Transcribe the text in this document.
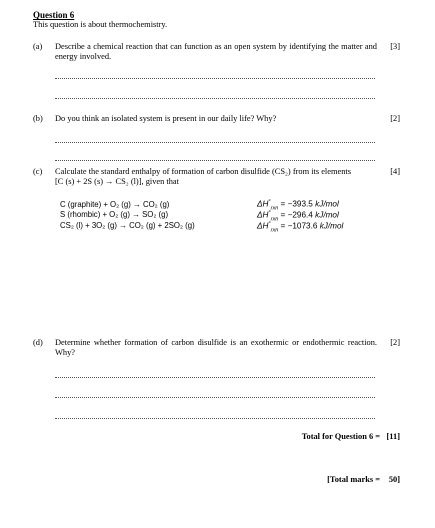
Question 6
This question is about thermochemistry.
(a) Describe a chemical reaction that can function as an open system by identifying the matter and energy involved.
[3]
(b) Do you think an isolated system is present in our daily life? Why?	[2]
(c) Calculate the standard enthalpy of formation of carbon disulfide (CS₂) from its elements
[C (s) + 2S (s) → CS₂ (l)], given that
[4]
C (graphite) + O₂ (g) → CO₂ (g)
S (rhombic) + O₂ (g) → SO₂ (g)
CS₂ (l) + 3O₂ (g) → CO₂ (g) + 2SO₂ (g)
$\Delta H^\circ_{rxn} = -393.5$ kJ/mol
$\Delta H^\circ_{rxn} = -296.4$ kJ/mol
$\Delta H^\circ_{rxn} = -1073.6$ kJ/mol
(d) Determine whether formation of carbon disulfide is an exothermic or endothermic reaction. Why?
[2]
Total for Question 6 = [11]
[Total marks =	50]
